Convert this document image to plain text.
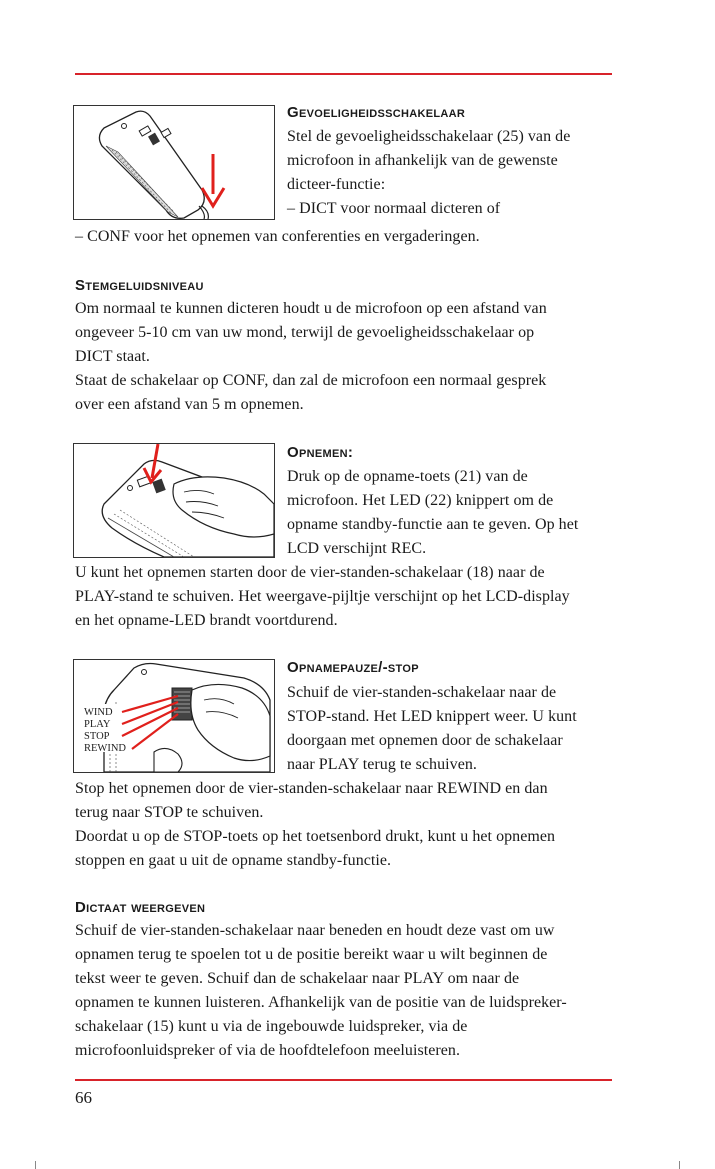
Gevoeligheidsschakelaar
Stel de gevoeligheidsschakelaar (25) van de
microfoon in afhankelijk van de gewenste
dicteer-functie:
– DICT voor normaal dicteren of
– CONF voor het opnemen van conferenties en vergaderingen.
Stemgeluidsniveau
Om normaal te kunnen dicteren houdt u de microfoon op een afstand van
ongeveer 5-10 cm van uw mond, terwijl de gevoeligheidsschakelaar op
DICT staat.
Staat de schakelaar op CONF, dan zal de microfoon een normaal gesprek
over een afstand van 5 m opnemen.
Opnemen:
Druk op de opname-toets (21) van de
microfoon. Het LED (22) knippert om de
opname standby-functie aan te geven. Op het
LCD verschijnt REC.
U kunt het opnemen starten door de vier-standen-schakelaar (18) naar de
PLAY-stand te schuiven. Het weergave-pijltje verschijnt op het LCD-display
en het opname-LED brandt voortdurend.
WIND
PLAY
STOP
REWIND
Opnamepauze/-stop
Schuif de vier-standen-schakelaar naar de
STOP-stand. Het LED knippert weer. U kunt
doorgaan met opnemen door de schakelaar
naar PLAY terug te schuiven.
Stop het opnemen door de vier-standen-schakelaar naar REWIND en dan
terug naar STOP te schuiven.
Doordat u op de STOP-toets op het toetsenbord drukt, kunt u het opnemen
stoppen en gaat u uit de opname standby-functie.
Dictaat weergeven
Schuif de vier-standen-schakelaar naar beneden en houdt deze vast om uw
opnamen terug te spoelen tot u de positie bereikt waar u wilt beginnen de
tekst weer te geven. Schuif dan de schakelaar naar PLAY om naar de
opnamen te kunnen luisteren. Afhankelijk van de positie van de luidspreker-
schakelaar (15) kunt u via de ingebouwde luidspreker, via de
microfoonluidspreker of via de hoofdtelefoon meeluisteren.
66
